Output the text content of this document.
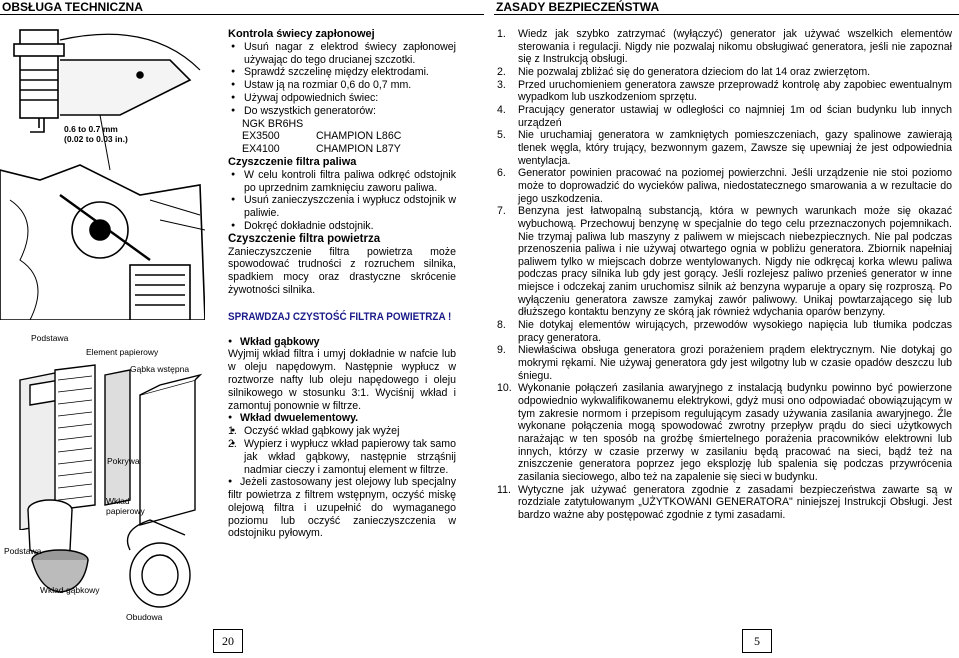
OBSŁUGA TECHNICZNA	ZASADY BEZPIECZEŃSTWA
0.6 to 0.7 mm
(0.02 to 0.03 in.)
Podstawa
Element papierowy
Gąbka wstępna
Pokrywa
Wkład
papierowy
Podstawa
Wkład gąbkowy
Obudowa
Kontrola świecy zapłonowej
● Usuń nagar z elektrod świecy zapłonowej używając do tego drucianej szczotki.
● Sprawdź szczelinę między elektrodami.
● Ustaw ją na rozmiar 0,6 do 0,7 mm.
● Używaj odpowiednich świec:
● Do wszystkich generatorów:
NGK BR6HS
EX3500	CHAMPION L86C
EX4100	CHAMPION L87Y
Czyszczenie filtra paliwa
● W celu kontroli filtra paliwa odkręć odstojnik po uprzednim zamknięciu zaworu paliwa.
● Usuń zanieczyszczenia i wypłucz odstojnik w paliwie.
● Dokręć dokładnie odstojnik.
Czyszczenie filtra powietrza

Zanieczyszczenie filtra powietrza może spowodować trudności z rozruchem silnika, spadkiem mocy oraz drastyczne skrócenie żywotności silnika.

SPRAWDZAJ CZYSTOŚĆ FILTRA POWIETRZA !
● Wkład gąbkowy

Wyjmij wkład filtra i umyj dokładnie w nafcie lub w oleju napędowym. Następnie wypłucz w roztworze nafty lub oleju napędowego i oleju silnikowego w stosunku 3:1. Wyciśnij wkład i zamontuj ponownie w filtrze.

● Wkład dwuelementowy.
● 1. Oczyść wkład gąbkowy jak wyżej
● 2. Wypierz i wypłucz wkład papierowy tak samo jak wkład gąbkowy, następnie strząśnij nadmiar cieczy i zamontuj element w filtrze.

● Jeżeli zastosowany jest olejowy lub specjalny filtr powietrza z filtrem wstępnym, oczyść miskę olejową filtra i uzupełnić do wymaganego poziomu lub oczyść zanieczyszczenia w odstojniku pyłowym.

1. Wiedz jak szybko zatrzymać (wyłączyć) generator jak używać wszelkich elementów sterowania i regulacji. Nigdy nie pozwalaj nikomu obsługiwać generatora, jeśli nie zapoznał się z Instrukcją obsługi.
2. Nie pozwalaj zbliżać się do generatora dzieciom do lat 14 oraz zwierzętom.
3. Przed uruchomieniem generatora zawsze przeprowadź kontrolę aby zapobiec ewentualnym wypadkom lub uszkodzeniom sprzętu.
4. Pracujący generator ustawiaj w odległości co najmniej 1m od ścian budynku lub innych urządzeń
5. Nie uruchamiaj generatora w zamkniętych pomieszczeniach, gazy spalinowe zawierają tlenek węgla, który trujący, bezwonnym gazem, Zawsze się upewniaj że jest odpowiednia wentylacja.
6. Generator powinien pracować na poziomej powierzchni. Jeśli urządzenie nie stoi poziomo może to doprowadzić do wycieków paliwa, niedostatecznego smarowania a w rezultacie do jego uszkodzenia.
7. Benzyna jest łatwopalną substancją, która w pewnych warunkach może się okazać wybuchową. Przechowuj benzynę w specjalnie do tego celu przeznaczonych pojemnikach. Nie trzymaj paliwa lub maszyny z paliwem w miejscach niebezpiecznych. Nie pal podczas przenoszenia paliwa i nie używaj otwartego ognia w pobliżu generatora. Zbiornik napełniaj paliwem tylko w miejscach dobrze wentylowanych. Nigdy nie odkręcaj korka wlewu paliwa podczas pracy silnika lub gdy jest gorący. Jeśli rozlejesz paliwo przenieś generator w inne miejsce i odczekaj zanim uruchomisz silnik aż benzyna wyparuje a opary się rozproszą. Po wyłączeniu generatora zawsze zamykaj zawór paliwowy. Unikaj powtarzającego się lub dłuższego kontaktu benzyny ze skórą jak również wdychania oparów benzyny.
8. Nie dotykaj elementów wirujących, przewodów wysokiego napięcia lub tłumika podczas pracy generatora.
9. Niewłaściwa obsługa generatora grozi porażeniem prądem elektrycznym. Nie dotykaj go mokrymi rękami. Nie używaj generatora gdy jest wilgotny lub w czasie opadów deszczu lub śniegu.
10. Wykonanie połączeń zasilania awaryjnego z instalacją budynku powinno być powierzone odpowiednio wykwalifikowanemu elektrykowi, gdyż musi ono odpowiadać obowiązującym w tym zakresie normom i przepisom regulującym zasady używania zasilania awaryjnego. Źle wykonane połączenia mogą spowodować zwrotny przepływ prądu do sieci użytkowych narażając w ten sposób na groźbę śmiertelnego porażenia pracowników elektrowni lub innych, którzy w czasie przerwy w zasilaniu będą pracować na sieci, bądź też na zniszczenie generatora poprzez jego eksplozję lub spalenia się podczas przywrócenia zasilania sieciowego, albo też na zapalenie się sieci w budynku.
11. Wytyczne jak używać generatora zgodnie z zasadami bezpieczeństwa zawarte są w rozdziale zatytułowanym „UŻYTKOWANI GENERATORA" niniejszej Instrukcji Obsługi. Jest bardzo ważne aby postępować zgodnie z tymi zasadami.
20	5
